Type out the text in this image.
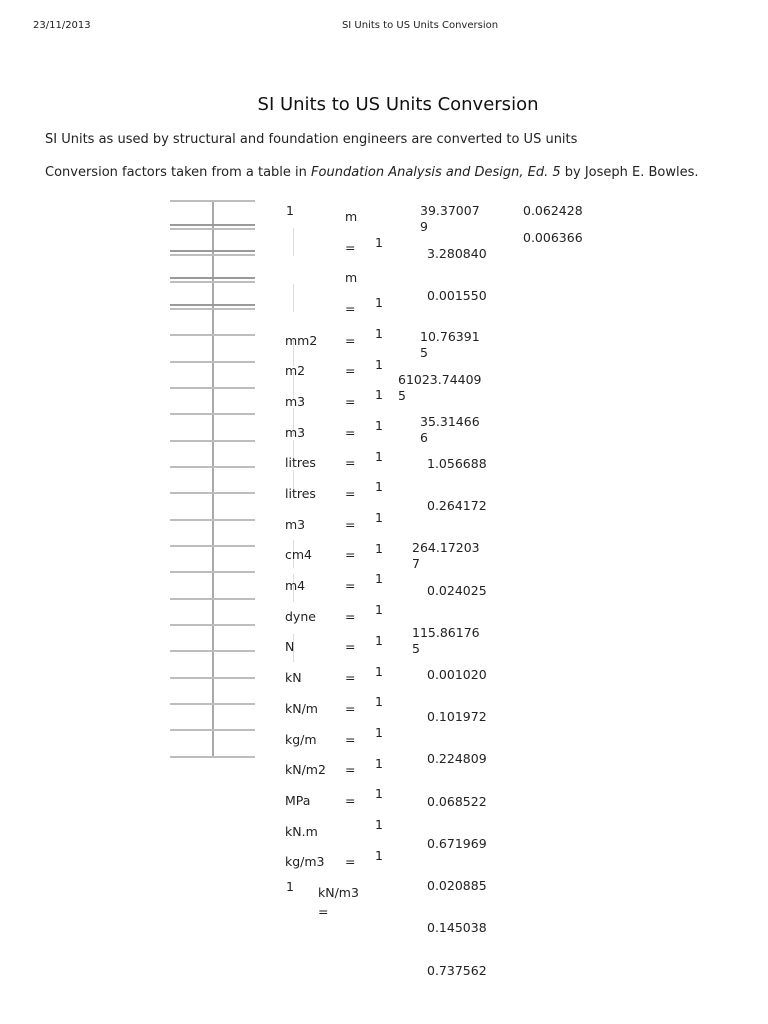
23/11/2013	SI Units to US Units Conversion
SI Units to US Units Conversion
SI Units as used by structural and foundation engineers are converted to US units
Conversion factors taken from a table in Foundation Analysis and Design, Ed. 5 by Joseph E. Bowles.
1	m
m
mm2
m2
m3
m3
litres
litres
m3
cm4
m4
dyne
N
kN
kN/m
kg/m
kN/m2
MPa
kN.m
kg/m3
1 kN/m3
=
=
=
=
=
=
=
=
=
=
=
=
=
=
=
=
=
=
=
=
1
1
1
1
1
1
1
1
1
1
1
1
1
1
1
1
1
1
1
1
39.370079
3.280840
0.001550
10.763915
61023.744095
35.314666
1.056688
0.264172
264.172037
0.024025
115.861765
0.001020
0.101972
0.224809
0.068522
0.671969
0.020885
0.145038
0.737562
0.062428
0.006366
